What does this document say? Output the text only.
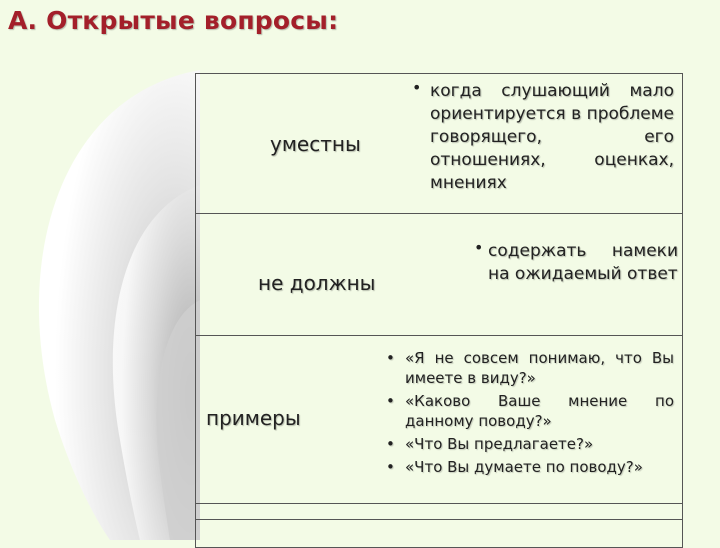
А. Открытые вопросы:
уместны
• когда слушающий мало ориентируется в проблеме говорящего, его отношениях, оценках, мнениях
не должны
• содержать намеки на ожидаемый ответ
примеры
• «Я не совсем понимаю, что Вы имеете в виду?»
• «Каково Ваше мнение по данному поводу?»
• «Что Вы предлагаете?»
• «Что Вы думаете по поводу?»
